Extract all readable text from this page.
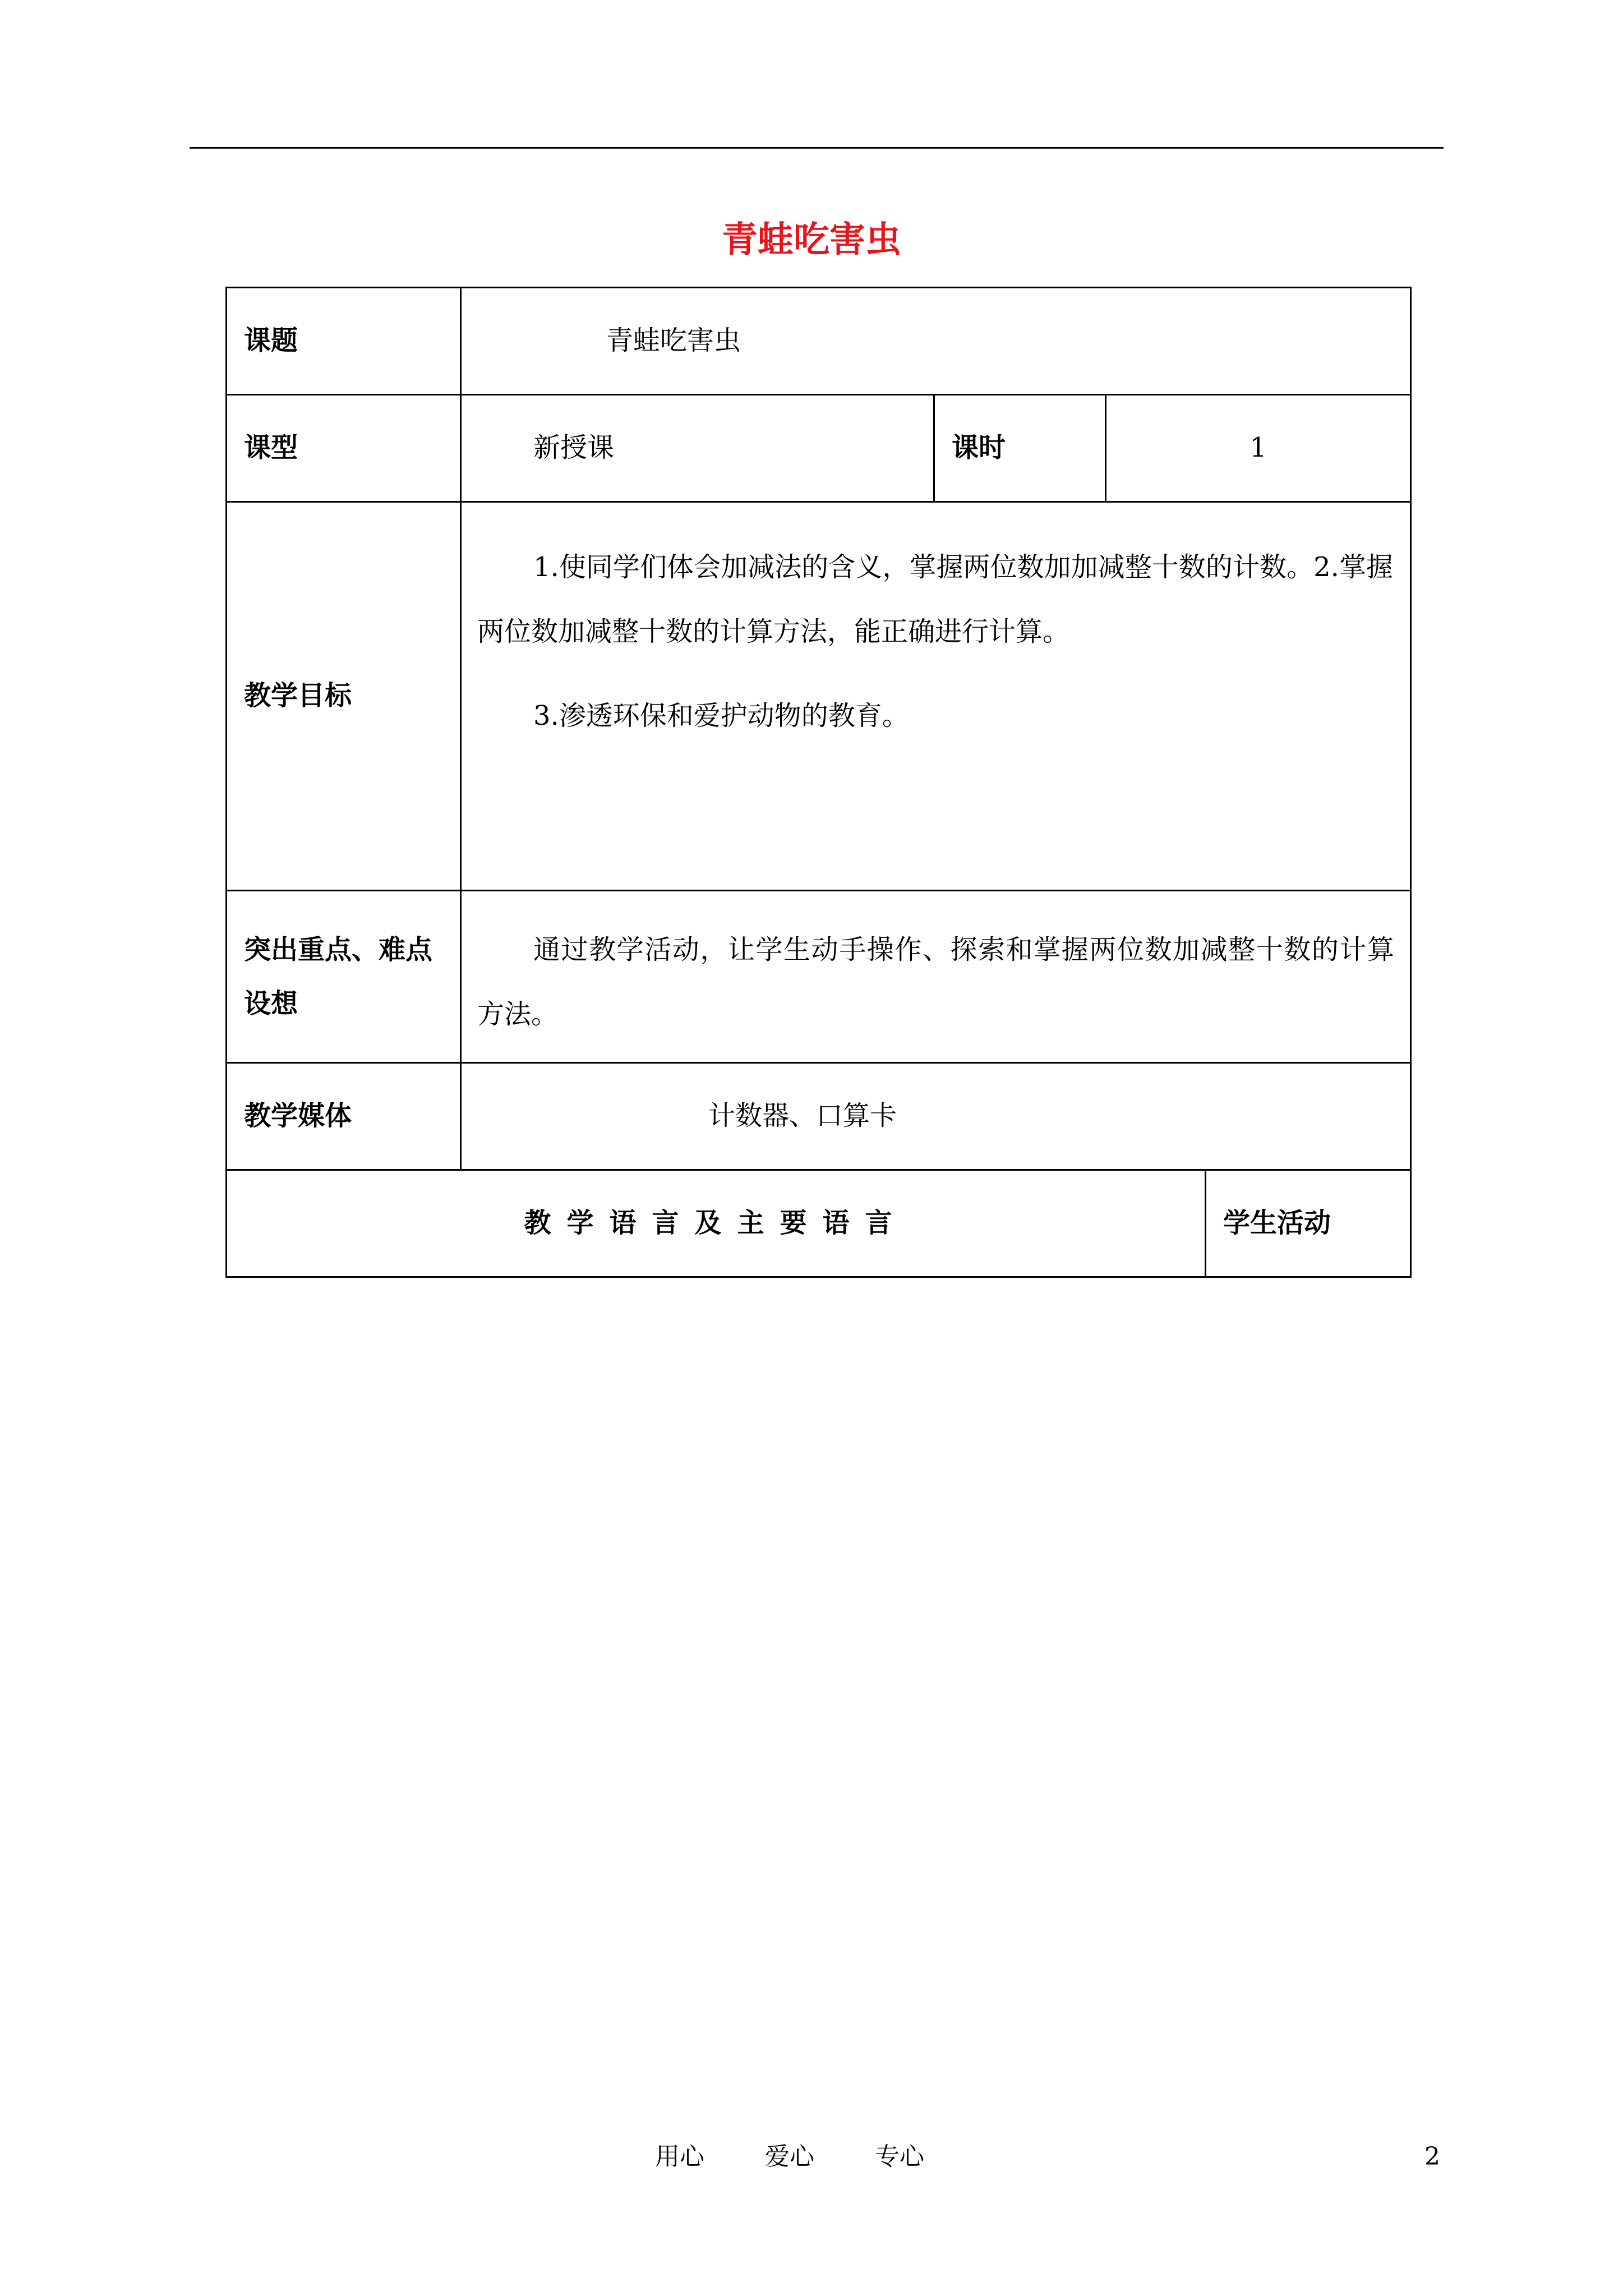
青蛙吃害虫
课题	青蛙吃害虫			
课型	新授课	课时	1	
教学目标	1.使同学们体会加减法的含义，掌握两位数加加减整十数的计数。2.掌握两位数加减整十数的计算方法，能正确进行计算。

3.渗透环保和爱护动物的教育。			

突出重点、难点
设想	通过教学活动，让学生动手操作、探索和掌握两位数加减整十数的计算方法。			

教学媒体	计数器、口算卡			
教学语言及主要语言				学生活动
用心 爱心 专心	2
